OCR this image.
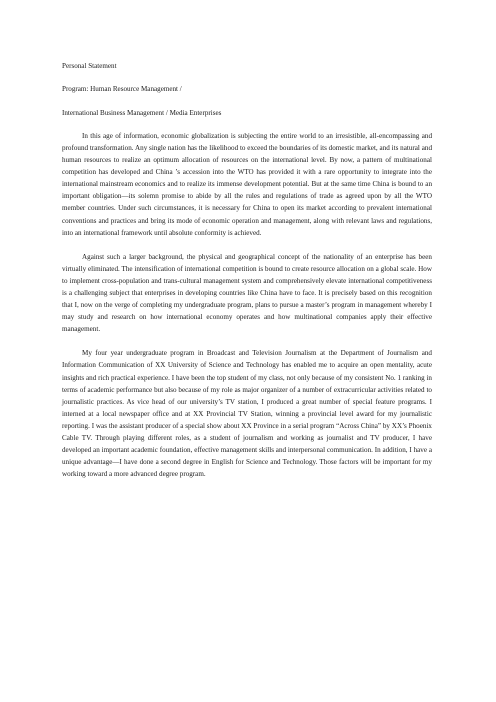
Personal Statement

Program: Human Resource Management /

International Business Management / Media Enterprises

In this age of information, economic globalization is subjecting the entire world to an irresistible, all-encompassing and profound transformation. Any single nation has the likelihood to exceed the boundaries of its domestic market, and its natural and human resources to realize an optimum allocation of resources on the international level. By now, a pattern of multinational competition has developed and China ’s accession into the WTO has provided it with a rare opportunity to integrate into the international mainstream economics and to realize its immense development potential. But at the same time China is bound to an important obligation—its solemn promise to abide by all the rules and regulations of trade as agreed upon by all the WTO member countries. Under such circumstances, it is necessary for China to open its market according to prevalent international conventions and practices and bring its mode of economic operation and management, along with relevant laws and regulations, into an international framework until absolute conformity is achieved.

Against such a larger background, the physical and geographical concept of the nationality of an enterprise has been virtually eliminated. The intensification of international competition is bound to create resource allocation on a global scale. How to implement cross-population and trans-cultural management system and comprehensively elevate international competitiveness is a challenging subject that enterprises in developing countries like China have to face. It is precisely based on this recognition that I, now on the verge of completing my undergraduate program, plans to pursue a master’s program in management whereby I may study and research on how international economy operates and how multinational companies apply their effective management.

My four year undergraduate program in Broadcast and Television Journalism at the Department of Journalism and Information Communication of XX University of Science and Technology has enabled me to acquire an open mentality, acute insights and rich practical experience. I have been the top student of my class, not only because of my consistent No. 1 ranking in terms of academic performance but also because of my role as major organizer of a number of extracurricular activities related to journalistic practices. As vice head of our university’s TV station, I produced a great number of special feature programs. I interned at a local newspaper office and at XX Provincial TV Station, winning a provincial level award for my journalistic reporting. I was the assistant producer of a special show about XX Province in a serial program “Across China” by XX’s Phoenix Cable TV. Through playing different roles, as a student of journalism and working as journalist and TV producer, I have developed an important academic foundation, effective management skills and interpersonal communication. In addition, I have a unique advantage—I have done a second degree in English for Science and Technology. Those factors will be important for my working toward a more advanced degree program.
